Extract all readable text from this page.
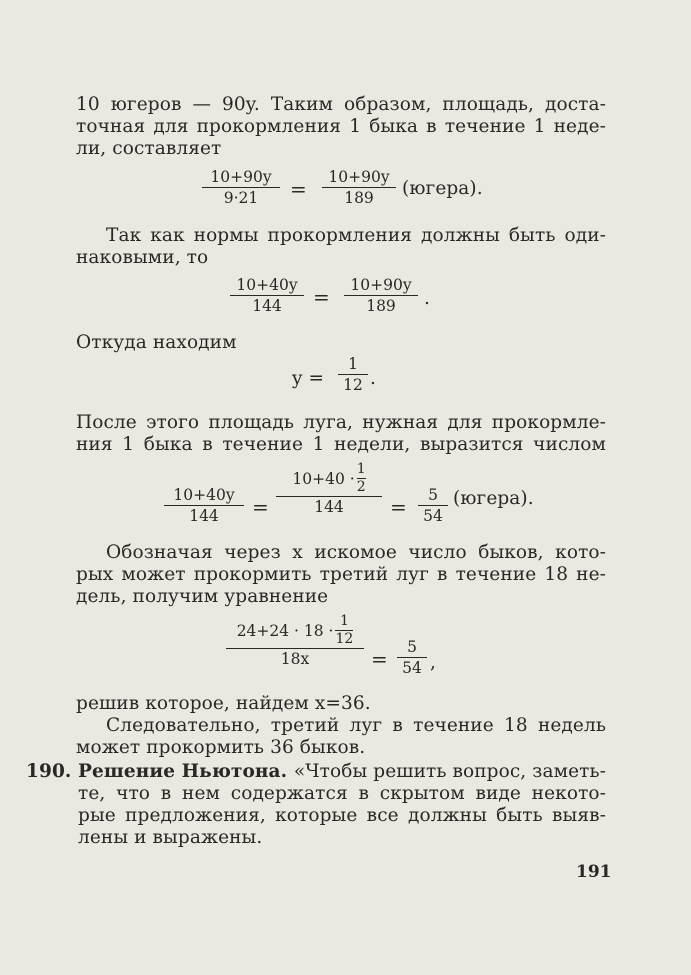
10 югеров — 90y. Таким образом, площадь, доста-
точная для прокормления 1 быка в течение 1 неде-
ли, составляет
10+90y
9·21 = 10+90y
189 (югера).
Так как нормы прокормления должны быть оди-
наковыми, то
10+40y
144 = 10+90y
189 .
Откуда находим
y =
1
12 .
После этого площадь луга, нужная для прокормле-
ния 1 быка в течение 1 недели, выразится числом
10+40y
144 =
10+40 ·
1
2
144 = 5
54
(югера).
Обозначая через x искомое число быков, кото-
рых может прокормить третий луг в течение 18 не-
дель, получим уравнение
24+24 · 18 ·
1
12
18x	= 5
54 ,
решив которое, найдем x=36.
Следовательно, третий луг в течение 18 недель
может прокормить 36 быков.
190. Решение Ньютона. «Чтобы решить вопрос, заметь-
те, что в нем содержатся в скрытом виде некото-
рые предложения, которые все должны быть выяв-
лены и выражены.
191
